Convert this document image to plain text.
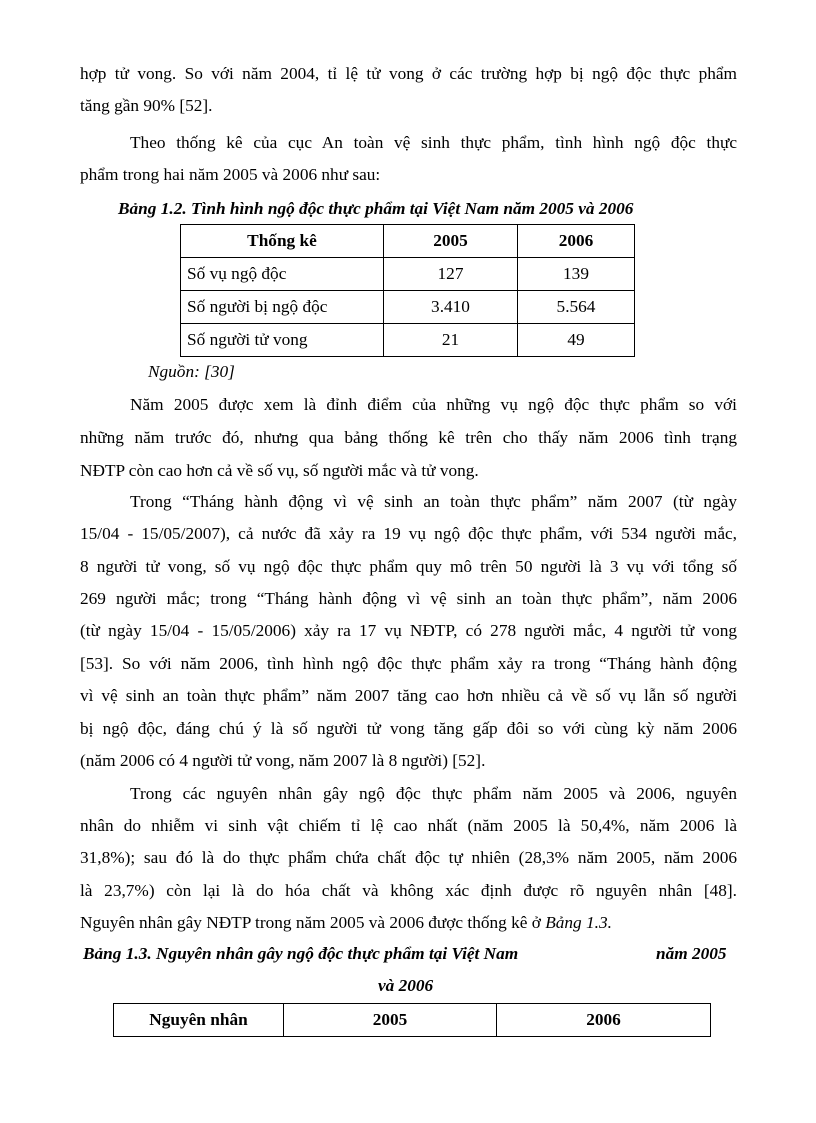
hợp tử vong. So với năm 2004, tỉ lệ tử vong ở các trường hợp bị ngộ độc thực phẩm
tăng gần 90% [52].
Theo thống kê của cục An toàn vệ sinh thực phẩm, tình hình ngộ độc thực
phẩm trong hai năm 2005 và 2006 như sau:
Bảng 1.2. Tình hình ngộ độc thực phẩm tại Việt Nam năm 2005 và 2006
Thống kê	2005	2006
Số vụ ngộ độc	127	139
Số người bị ngộ độc	3.410	5.564
Số người tử vong	21	49
Nguồn: [30]
Năm 2005 được xem là đỉnh điểm của những vụ ngộ độc thực phẩm so với
những năm trước đó, nhưng qua bảng thống kê trên cho thấy năm 2006 tình trạng
NĐTP còn cao hơn cả về số vụ, số người mắc và tử vong.
Trong “Tháng hành động vì vệ sinh an toàn thực phẩm” năm 2007 (từ ngày
15/04 - 15/05/2007), cả nước đã xảy ra 19 vụ ngộ độc thực phẩm, với 534 người mắc,
8 người tử vong, số vụ ngộ độc thực phẩm quy mô trên 50 người là 3 vụ với tổng số
269 người mắc; trong “Tháng hành động vì vệ sinh an toàn thực phẩm”, năm 2006
(từ ngày 15/04 - 15/05/2006) xảy ra 17 vụ NĐTP, có 278 người mắc, 4 người tử vong
[53]. So với năm 2006, tình hình ngộ độc thực phẩm xảy ra trong “Tháng hành động
vì vệ sinh an toàn thực phẩm” năm 2007 tăng cao hơn nhiều cả về số vụ lẫn số người
bị ngộ độc, đáng chú ý là số người tử vong tăng gấp đôi so với cùng kỳ năm 2006
(năm 2006 có 4 người tử vong, năm 2007 là 8 người) [52].
Trong các nguyên nhân gây ngộ độc thực phẩm năm 2005 và 2006, nguyên
nhân do nhiễm vi sinh vật chiếm tỉ lệ cao nhất (năm 2005 là 50,4%, năm 2006 là
31,8%); sau đó là do thực phẩm chứa chất độc tự nhiên (28,3% năm 2005, năm 2006
là 23,7%) còn lại là do hóa chất và không xác định được rõ nguyên nhân [48].
Nguyên nhân gây NĐTP trong năm 2005 và 2006 được thống kê ở Bảng 1.3.
Bảng 1.3. Nguyên nhân gây ngộ độc thực phẩm tại Việt Nam	năm 2005
và 2006
Nguyên nhân	2005	2006
